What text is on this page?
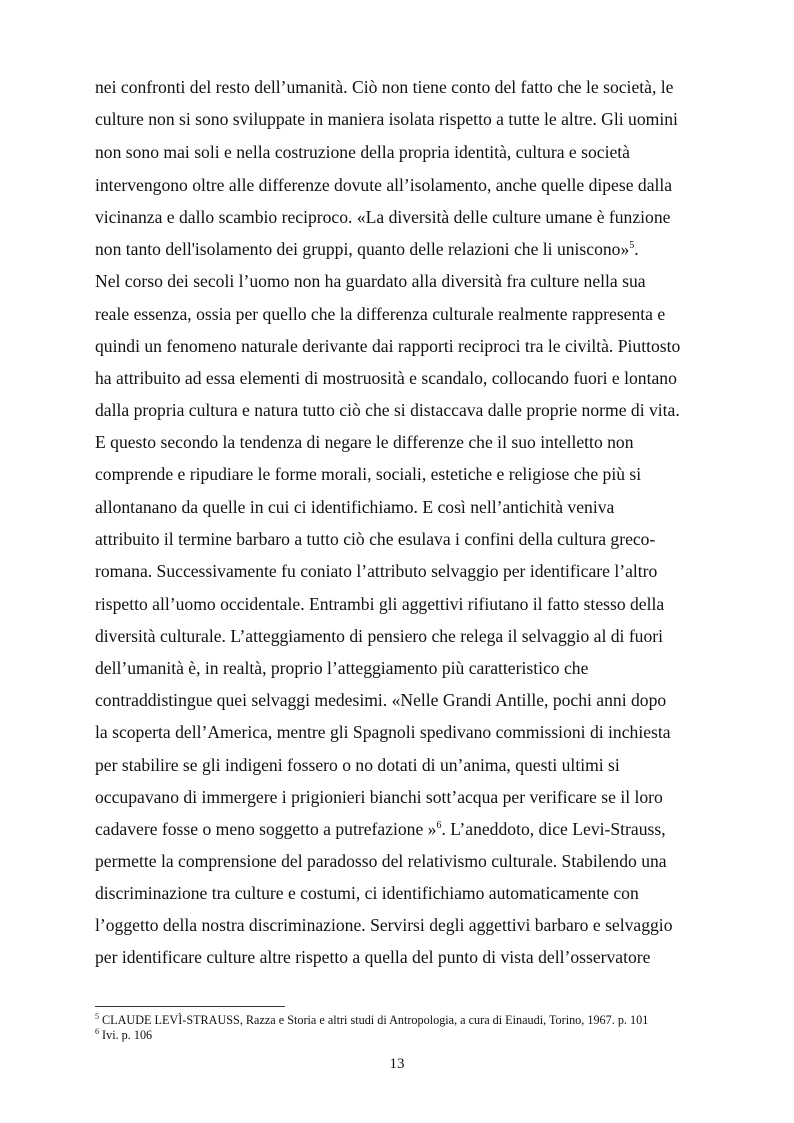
nei confronti del resto dell’umanità. Ciò non tiene conto del fatto che le società, le
culture non si sono sviluppate in maniera isolata rispetto a tutte le altre. Gli uomini
non sono mai soli e nella costruzione della propria identità, cultura e società
intervengono oltre alle differenze dovute all’isolamento, anche quelle dipese dalla
vicinanza e dallo scambio reciproco. «La diversità delle culture umane è funzione
non tanto dell'isolamento dei gruppi, quanto delle relazioni che li uniscono»$^5$.
Nel corso dei secoli l’uomo non ha guardato alla diversità fra culture nella sua
reale essenza, ossia per quello che la differenza culturale realmente rappresenta e
quindi un fenomeno naturale derivante dai rapporti reciproci tra le civiltà. Piuttosto
ha attribuito ad essa elementi di mostruosità e scandalo, collocando fuori e lontano
dalla propria cultura e natura tutto ciò che si distaccava dalle proprie norme di vita.
E questo secondo la tendenza di negare le differenze che il suo intelletto non
comprende e ripudiare le forme morali, sociali, estetiche e religiose che più si
allontanano da quelle in cui ci identifichiamo. E così nell’antichità veniva
attribuito il termine barbaro a tutto ciò che esulava i confini della cultura greco-
romana. Successivamente fu coniato l’attributo selvaggio per identificare l’altro
rispetto all’uomo occidentale. Entrambi gli aggettivi rifiutano il fatto stesso della
diversità culturale. L’atteggiamento di pensiero che relega il selvaggio al di fuori
dell’umanità è, in realtà, proprio l’atteggiamento più caratteristico che
contraddistingue quei selvaggi medesimi. «Nelle Grandi Antille, pochi anni dopo
la scoperta dell’America, mentre gli Spagnoli spedivano commissioni di inchiesta
per stabilire se gli indigeni fossero o no dotati di un’anima, questi ultimi si
occupavano di immergere i prigionieri bianchi sott’acqua per verificare se il loro
cadavere fosse o meno soggetto a putrefazione »$^6$. L’aneddoto, dice Levi-Strauss,
permette la comprensione del paradosso del relativismo culturale. Stabilendo una
discriminazione tra culture e costumi, ci identifichiamo automaticamente con
l’oggetto della nostra discriminazione. Servirsi degli aggettivi barbaro e selvaggio
per identificare culture altre rispetto a quella del punto di vista dell’osservatore
$^5$ CLAUDE LEVÌ-STRAUSS, Razza e Storia e altri studi di Antropologia, a cura di Einaudi, Torino, 1967. p. 101
$^6$ Ivi. p. 106
13
